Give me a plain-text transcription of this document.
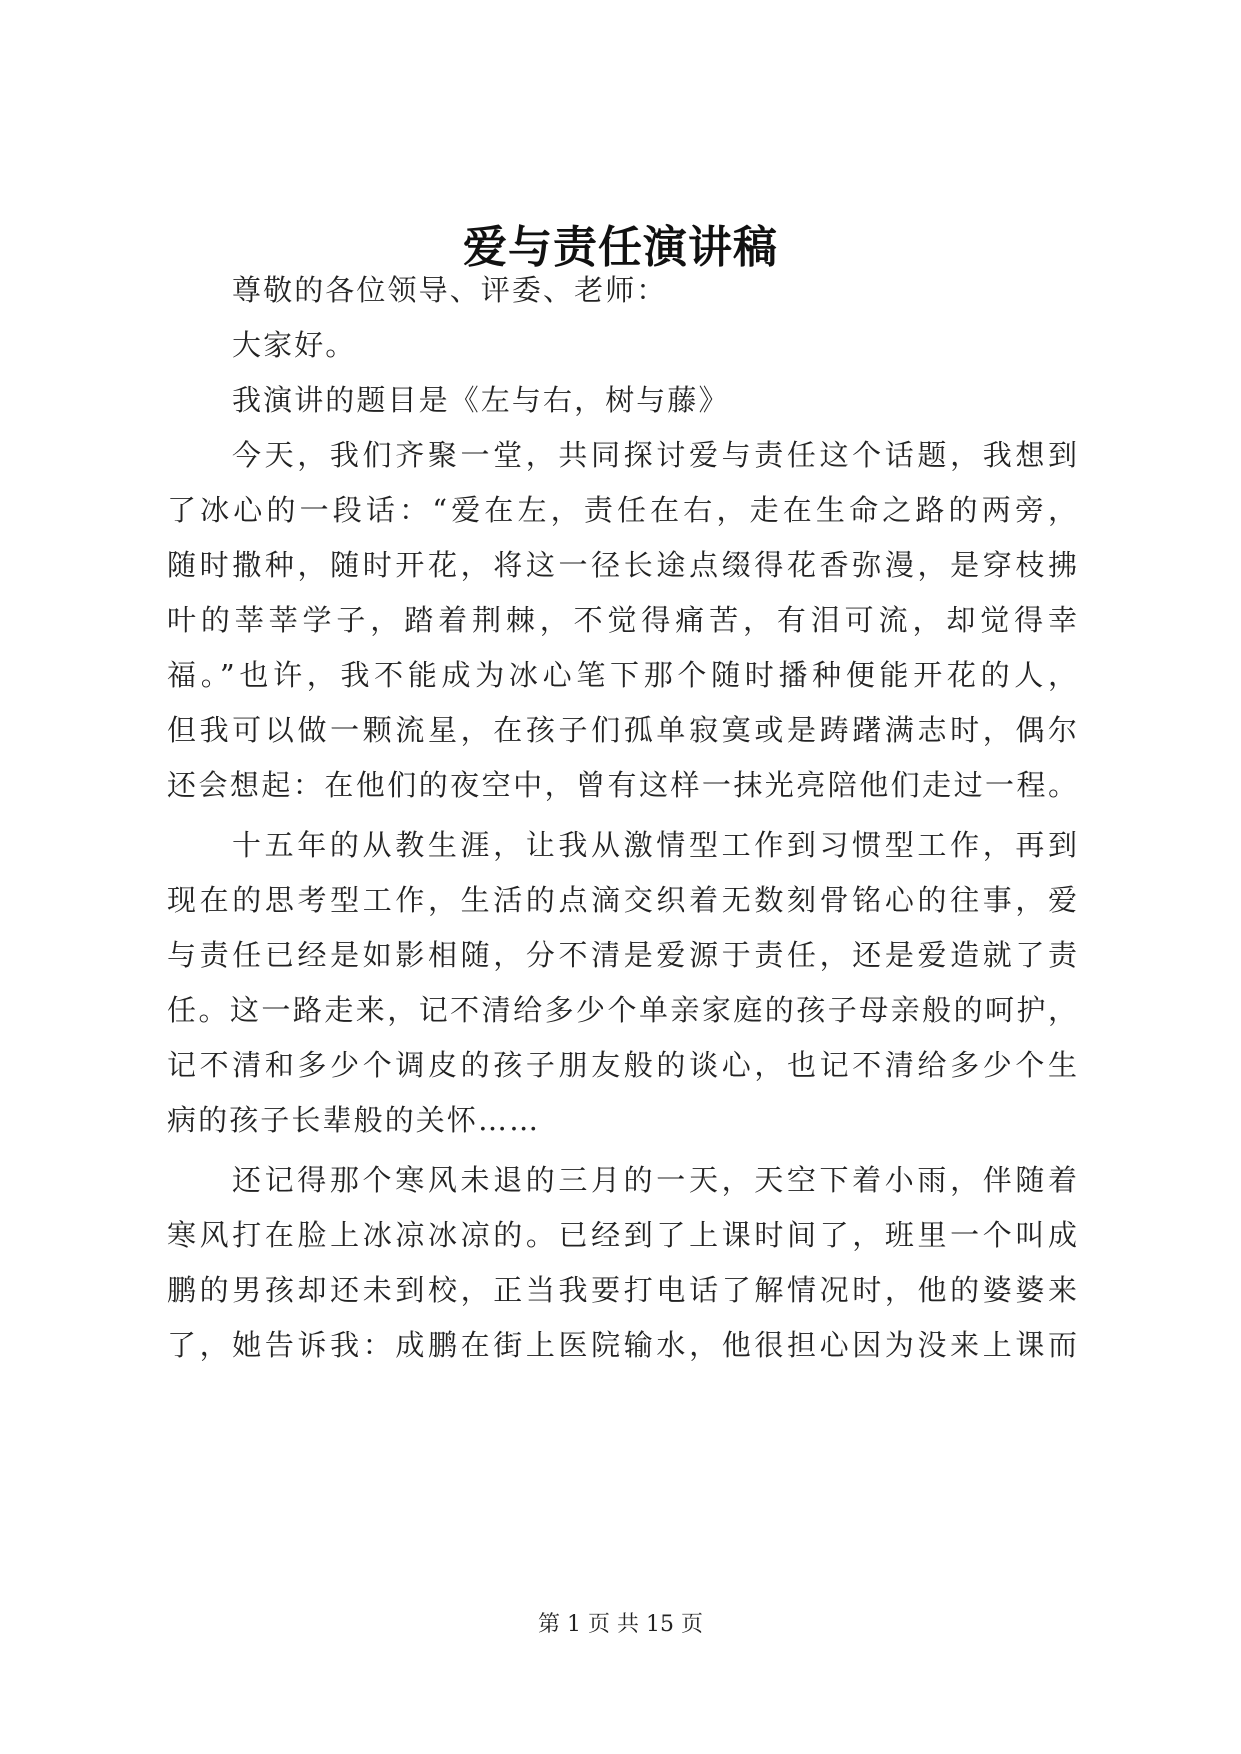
爱与责任演讲稿
尊敬的各位领导、评委、老师：
大家好。
我演讲的题目是《左与右，树与藤》
今天，我们齐聚一堂，共同探讨爱与责任这个话题，我想到
了冰心的一段话：“爱在左，责任在右，走在生命之路的两旁，
随时撒种，随时开花，将这一径长途点缀得花香弥漫，是穿枝拂
叶的莘莘学子，踏着荆棘，不觉得痛苦，有泪可流，却觉得幸
福。”也许，我不能成为冰心笔下那个随时播种便能开花的人，
但我可以做一颗流星，在孩子们孤单寂寞或是踌躇满志时，偶尔
还会想起：在他们的夜空中，曾有这样一抹光亮陪他们走过一程。
十五年的从教生涯，让我从激情型工作到习惯型工作，再到
现在的思考型工作，生活的点滴交织着无数刻骨铭心的往事，爱
与责任已经是如影相随，分不清是爱源于责任，还是爱造就了责
任。这一路走来，记不清给多少个单亲家庭的孩子母亲般的呵护，
记不清和多少个调皮的孩子朋友般的谈心，也记不清给多少个生
病的孩子长辈般的关怀……
还记得那个寒风未退的三月的一天，天空下着小雨，伴随着
寒风打在脸上冰凉冰凉的。已经到了上课时间了，班里一个叫成
鹏的男孩却还未到校，正当我要打电话了解情况时，他的婆婆来
了，她告诉我：成鹏在街上医院输水，他很担心因为没来上课而
第 1 页 共 15 页
